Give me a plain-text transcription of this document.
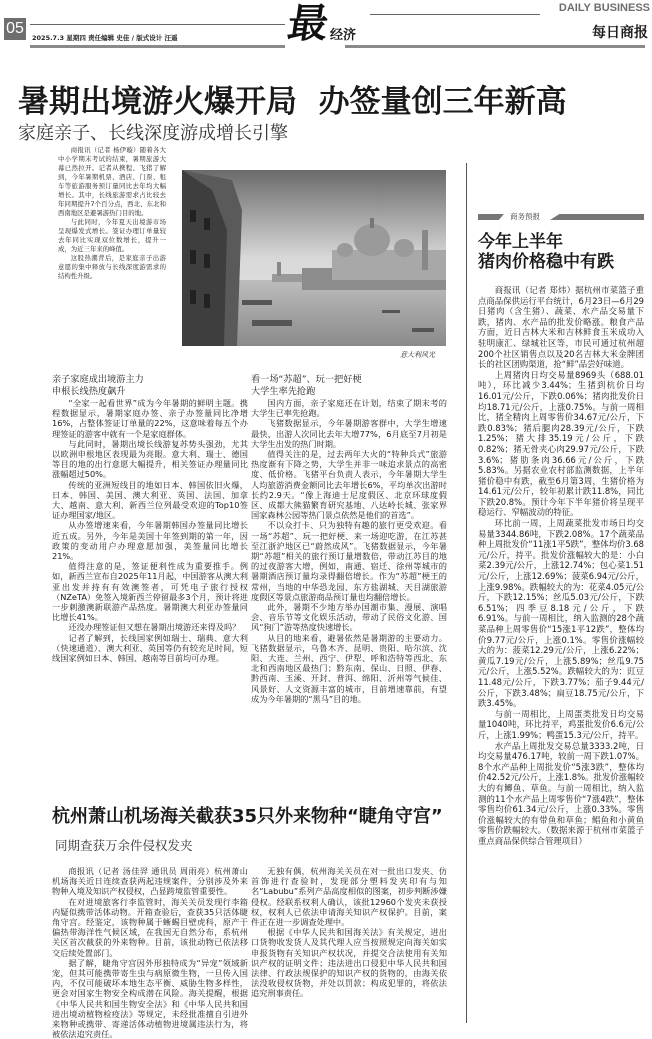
05
2025.7.3 星期四 责任编辑 史佳 / 版式设计 汪遥	最
经济
DAILY BUSINESS
每日商报
暑期出境游火爆开局  办签量创三年新高
家庭亲子、长线深度游成增长引擎

商报讯（记者 杨伊璇）随着各大中小学期末考试的结束，暑期旅游大幕已然拉开。记者从携程、飞猪了解到，今年暑期机票、酒店、门票、租车等旅游服务预订量同比去年均大幅增长。其中，长线旅游需求占比较去年同期提升7个百分点，西北、东北和西南地区是避暑游热门目的地。

与此同时，今年夏天出境游市场呈现爆发式增长。签证办理订单量较去年同比实现双位数增长，提升一成，为近三年来的峰值。

这股热潮背后，是家庭亲子出游意愿的集中释放与长线深度游需求的结构性升级。

意大利风光

亲子家庭成出境游主力

申根长线热度飙升

“全家一起看世界”成为今年暑期的鲜明主题。携程数据显示，暑期家庭办签、亲子办签量同比净增16%，占整体签证订单量的22%，这意味着每五个办理签证的游客中就有一个是家庭群体。

与此同时，暑期出境长线游复苏势头强劲，尤其以欧洲申根地区表现最为亮眼。意大利、瑞士、德国等目的地的出行意愿大幅提升，相关签证办理量同比涨幅超过50%。

传统的亚洲短线目的地如日本、韩国依旧火爆，日本、韩国、美国、澳大利亚、英国、法国、加拿大、越南、意大利、新西兰位列最受欢迎的Top10签证办理国家/地区。

从办签增速来看，今年暑期韩国办签量同比增长近五成。另外，今年是美国十年签到期的第一年，因政策的变动用户办理意愿加强，美签量同比增长21%。

值得注意的是，签证便利性成为重要推手。例如，新西兰宣布自2025年11月起，中国游客从澳大利亚出发并持有有效澳签者，可凭电子旅行授权（NZeTA）免签入境新西兰停留最多3个月，预计将进一步刺激澳新联游产品热度。暑期澳大利亚办签量同比增长41%。

还没办理签证但又想在暑期出境游还来得及吗？

记者了解到，长线国家例如瑞士、瑞典、意大利（快速通道）、澳大利亚、英国等仍有较充足时间，短线国家例如日本、韩国、越南等目前均可办理。

看一场“苏超”、玩一把好梗

大学生率先抢跑

国内方面，亲子家庭还在计划，结束了期末考的大学生已率先抢跑。

飞猪数据显示，今年暑期游客群中，大学生增速最快，出游人次同比去年大增77%，6月底至7月初是大学生出发的热门时期。

值得关注的是，过去两年大火的“特种兵式”旅游热度渐有下降之势，大学生并非一味追求景点的高密度、低价格。飞猪平台负责人表示，今年暑期大学生人均旅游消费金额同比去年增长6%，平均单次出游时长约2.9天。“像上海迪士尼度假区、北京环球度假区、成都大熊猫繁育研究基地、八达岭长城、张家界国家森林公园等热门景点依然是他们的首选”。

不以众打卡、只为独特有趣的旅行更受欢迎。看一场“苏超”、玩一把好梗、来一场迎吃游，在江苏甚至江浙沪地区已“蔚然成风”。飞猪数据显示，今年暑期“苏超”相关的旅行预订量增数倍，带动江苏目的地的过夜游客大增，例如，南通、宿迁、徐州等城市的暑期酒店预订量均录得翻倍增长。作为“苏超”梗王的常州，当地的中华恐龙园、东方盐湖城、天目湖旅游度假区等景点旅游商品预订量也均翻倍增长。

此外，暑期不少地方举办国潮市集、漫展、演唱会、音乐节等文化娱乐活动，带动了民俗文化游、国风“狗门”游等热度快速增长。

从目的地来看，避暑依然是暑期游的主要动力。飞猪数据显示，乌鲁木齐、昆明、贵阳、哈尔滨、沈阳、大连、兰州、西宁、伊犁、呼和浩特等西北、东北和西南地区最热门；黔东南、保山、日照、伊春、黔西南、玉溪、开封、普洱、绵阳、沂州等气候佳、风景好、人文资源丰富的城市，目前增速靠前，有望成为今年暑期的“黑马”目的地。

商务预报
今年上半年
猪肉价格稳中有跌

商报讯（记者 郑炜）据杭州市菜篮子重点商品保供运行平台统计，6月23日—6月29日猪肉（含生猪）、蔬菜、水产品交易量下跌，猪肉、水产品的批发价略涨。粮食产品方面，近日吉林大米和吉林鲜食玉米成功入驻明康汇、绿城社区等，市民可通过杭州超200个社区销售点以及20名吉林大米金牌团长的社区团购渠道，抢“鲜”品尝好味道。

上周猪肉日均交易量8969头（688.01吨），环比减少3.44%；生猪到杭价日均16.01元/公斤，下跌0.06%；猪肉批发价日均18.71元/公斤，上涨0.75%。与前一周相比，猪全精肉上周零售价34.67元/公斤，下跌0.83%；猪后腿肉28.39元/公斤，下跌1.25%；猪大排35.19元/公斤，下跌0.82%；猪无骨夹心肉29.97元/公斤，下跌3.6%；猪肋条肉36.66元/公斤，下跌5.83%。另据农业农村部监测数据，上半年猪价稳中有跌，截至6月第3周，生猪价格为14.61元/公斤，较年初累计跌11.8%，同比下跌20.8%。预计今年下半年猪价将呈现平稳运行、窄幅波动的特征。

环比前一周，上周蔬菜批发市场日均交易量3344.86吨，下跌2.08%。17个蔬菜品种上周批发价“11涨1平5跌”，整体均价3.68元/公斤，持平。批发价涨幅较大的是：小白菜2.39元/公斤，上涨12.74%；包心菜1.51元/公斤，上涨12.69%；菠菜6.94元/公斤，上涨9.98%。跌幅较大的为：花菜4.05元/公斤，下跌12.15%；丝瓜5.03元/公斤，下跌6.51%；四季豆8.18元/公斤，下跌6.91%。与前一周相比，纳入监测的28个蔬菜品种上周零售价“15涨1平12跌”，整体均价9.77元/公斤，上涨0.1%。零售价涨幅较大的为：菠菜12.29元/公斤，上涨6.22%；黄瓜7.19元/公斤，上涨5.89%；丝瓜9.75元/公斤，上涨5.52%。跌幅较大的为：豇豆11.48元/公斤，下跌3.77%；茄子9.44元/公斤，下跌3.48%；扁豆18.75元/公斤，下跌3.45%。

与前一周相比，上周蛋类批发日均交易量1040吨，环比持平，鸡蛋批发价6.6元/公斤，上涨1.99%；鸭蛋15.3元/公斤，持平。

水产品上周批发交易总量3333.2吨，日均交易量476.17吨，较前一周下跌1.07%。8个水产品种上周批发价“5涨3跌”，整体均价42.52元/公斤，上涨1.8%。批发价涨幅较大的有鲫鱼、草鱼。与前一周相比，纳入监测的11个水产品上周零售价“7涨4跌”，整体零售均价61.34元/公斤，上涨0.33%。零售价涨幅较大的有带鱼和草鱼；鲳鱼和小黄鱼零售价跌幅较大。（数据来源于杭州市菜篮子重点商品保供综合管理项目）

杭州萧山机场海关截获35只外来物种“睫角守宫”
同期查获万余件侵权发夹

商报讯（记者 汤佳羿 通讯员 周雨亮）杭州萧山机场海关近日连续查获两起违规案件，分别涉及外来物种入境及知识产权侵权，凸显跨境监管重要性。

在对进境旅客行李监管时，海关关员发现行李箱内疑似携带活体动物。开箱查验后，查获35只活体睫角守宫。经鉴定，该物种属于蜥蜴目壁虎科，原产于偏热带海洋性气候区域，在我国无自然分布，系杭州关区首次截获的外来物种。目前，该批动物已依法移交后续处置部门。

据了解，睫角守宫因外形独特成为“异宠”领域新宠，但其可能携带寄生虫与病原微生物，一旦传入国内，不仅可能破坏本地生态平衡、威胁生物多样性，更会对国家生物安全构成潜在风险。海关提醒，根据《中华人民共和国生物安全法》和《中华人民共和国进出境动植物检疫法》等规定，未经批准擅自引进外来物种或携带、寄递活体动植物进境属违法行为，将被依法追究责任。

无独有偶，杭州海关关员在对一批出口发夹、仿首饰进行查验时，发现部分塑料发夹印有与知名“Labubu”系列产品高度相似的图案，初步判断涉嫌侵权。经联系权利人确认，该批12960个发夹未获授权，权利人已依法申请海关知识产权保护。目前，案件正在进一步调查处理中。

根据《中华人民共和国海关法》有关规定，进出口货物收发货人及其代理人应当按照规定向海关如实申报货物有关知识产权状况，并提交合法使用有关知识产权的证明文件；违法进出口侵犯中华人民共和国法律、行政法规保护的知识产权的货物的，由海关依法没收侵权货物，并处以罚款；构成犯罪的，将依法追究刑事责任。
